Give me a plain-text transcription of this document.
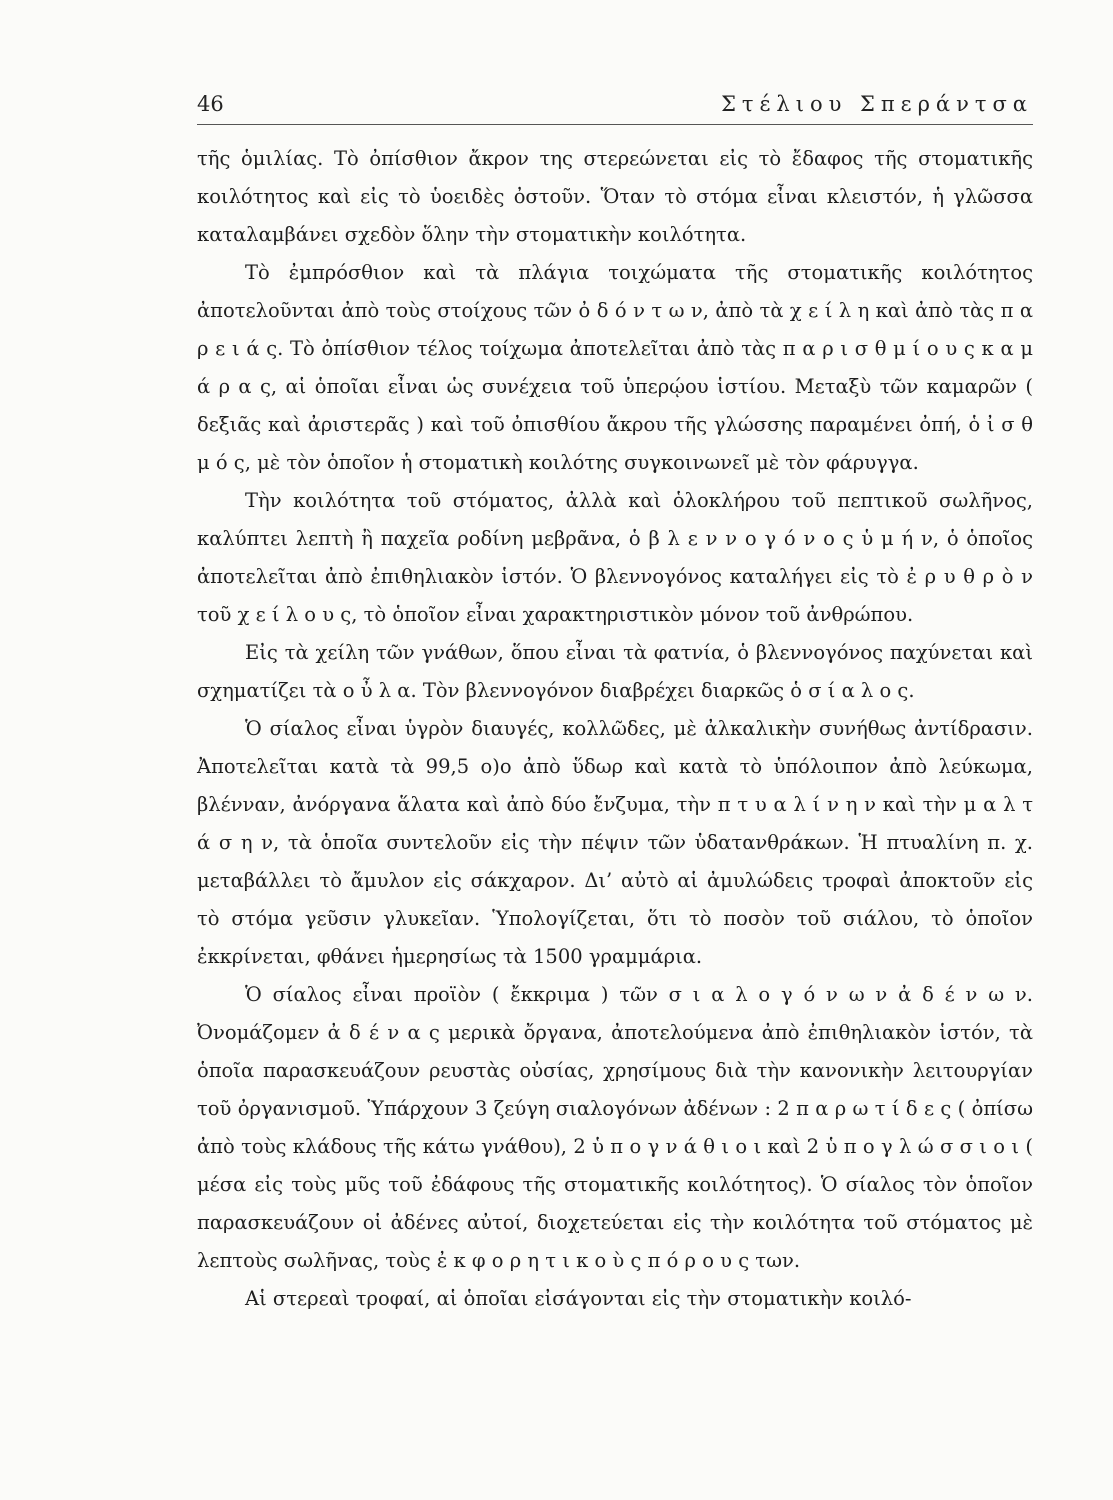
46	Στέλιου Σπεράντσα

τῆς ὁμιλίας. Τὸ ὀπίσθιον ἄκρον της στερεώνεται εἰς τὸ ἔδαφος τῆς στοματικῆς κοιλότητος καὶ εἰς τὸ ὑοειδὲς ὀστοῦν. Ὅταν τὸ στόμα εἶναι κλειστόν, ἡ γλῶσσα καταλαμβάνει σχεδὸν ὅλην τὴν στοματικὴν κοιλότητα.

Τὸ ἐμπρόσθιον καὶ τὰ πλάγια τοιχώματα τῆς στοματικῆς κοιλότητος ἀποτελοῦνται ἀπὸ τοὺς στοίχους τῶν ὀ δ ό ν τ ω ν, ἀπὸ τὰ χ ε ί λ η καὶ ἀπὸ τὰς π α ρ ε ι ά ς. Τὸ ὀπίσθιον τέλος τοίχωμα ἀποτελεῖται ἀπὸ τὰς π α ρ ι σ θ μ ί ο υ ς κ α μ ά ρ α ς, αἱ ὁποῖαι εἶναι ὡς συνέχεια τοῦ ὑπερῴου ἱστίου. Μεταξὺ τῶν καμαρῶν ( δεξιᾶς καὶ ἀριστερᾶς ) καὶ τοῦ ὀπισθίου ἄκρου τῆς γλώσσης παραμένει ὀπή, ὁ ἰ σ θ μ ό ς, μὲ τὸν ὁποῖον ἡ στοματικὴ κοιλότης συγκοινωνεῖ μὲ τὸν φάρυγγα.

Τὴν κοιλότητα τοῦ στόματος, ἀλλὰ καὶ ὁλοκλήρου τοῦ πεπτικοῦ σωλῆνος, καλύπτει λεπτὴ ἢ παχεῖα ροδίνη μεβρᾶνα, ὁ β λ ε ν ν ο γ ό ν ο ς ὑ μ ή ν, ὁ ὁποῖος ἀποτελεῖται ἀπὸ ἐπιθηλιακὸν ἱστόν. Ὁ βλεννογόνος καταλήγει εἰς τὸ ἐ ρ υ θ ρ ὸ ν τοῦ χ ε ί λ ο υ ς, τὸ ὁποῖον εἶναι χαρακτηριστικὸν μόνον τοῦ ἀνθρώπου.

Εἰς τὰ χείλη τῶν γνάθων, ὅπου εἶναι τὰ φατνία, ὁ βλεννογόνος παχύνεται καὶ σχηματίζει τὰ ο ὖ λ α. Τὸν βλεννογόνον διαβρέχει διαρκῶς ὁ σ ί α λ ο ς.

Ὁ σίαλος εἶναι ὑγρὸν διαυγές, κολλῶδες, μὲ ἀλκαλικὴν συνήθως ἀντίδρασιν. Ἀποτελεῖται κατὰ τὰ 99,5 ο)ο ἀπὸ ὕδωρ καὶ κατὰ τὸ ὑπόλοιπον ἀπὸ λεύκωμα, βλένναν, ἀνόργανα ἅλατα καὶ ἀπὸ δύο ἔνζυμα, τὴν π τ υ α λ ί ν η ν καὶ τὴν μ α λ τ ά σ η ν, τὰ ὁποῖα συντελοῦν εἰς τὴν πέψιν τῶν ὑδατανθράκων. Ἡ πτυαλίνη π. χ. μεταβάλλει τὸ ἄμυλον εἰς σάκχαρον. Δι’ αὐτὸ αἱ ἀμυλώδεις τροφαὶ ἀποκτοῦν εἰς τὸ στόμα γεῦσιν γλυκεῖαν. Ὑπολογίζεται, ὅτι τὸ ποσὸν τοῦ σιάλου, τὸ ὁποῖον ἐκκρίνεται, φθάνει ἡμερησίως τὰ 1500 γραμμάρια.

Ὁ σίαλος εἶναι προϊὸν ( ἔκκριμα ) τῶν σ ι α λ ο γ ό ν ω ν ἀ δ έ ν ω ν. Ὀνομάζομεν ἀ δ έ ν α ς μερικὰ ὄργανα, ἀποτελούμενα ἀπὸ ἐπιθηλιακὸν ἱστόν, τὰ ὁποῖα παρασκευάζουν ρευστὰς οὐσίας, χρησίμους διὰ τὴν κανονικὴν λειτουργίαν τοῦ ὀργανισμοῦ. Ὑπάρχουν 3 ζεύγη σιαλογόνων ἀδένων : 2 π α ρ ω τ ί δ ε ς ( ὀπίσω ἀπὸ τοὺς κλάδους τῆς κάτω γνάθου), 2 ὑ π ο γ ν ά θ ι ο ι καὶ 2 ὑ π ο γ λ ώ σ σ ι ο ι ( μέσα εἰς τοὺς μῦς τοῦ ἐδάφους τῆς στοματικῆς κοιλότητος). Ὁ σίαλος τὸν ὁποῖον παρασκευάζουν οἱ ἀδένες αὐτοί, διοχετεύεται εἰς τὴν κοιλότητα τοῦ στόματος μὲ λεπτοὺς σωλῆνας, τοὺς ἐ κ φ ο ρ η τ ι κ ο ὺ ς π ό ρ ο υ ς των.

Αἱ στερεαὶ τροφαί, αἱ ὁποῖαι εἰσάγονται εἰς τὴν στοματικὴν κοιλό-
